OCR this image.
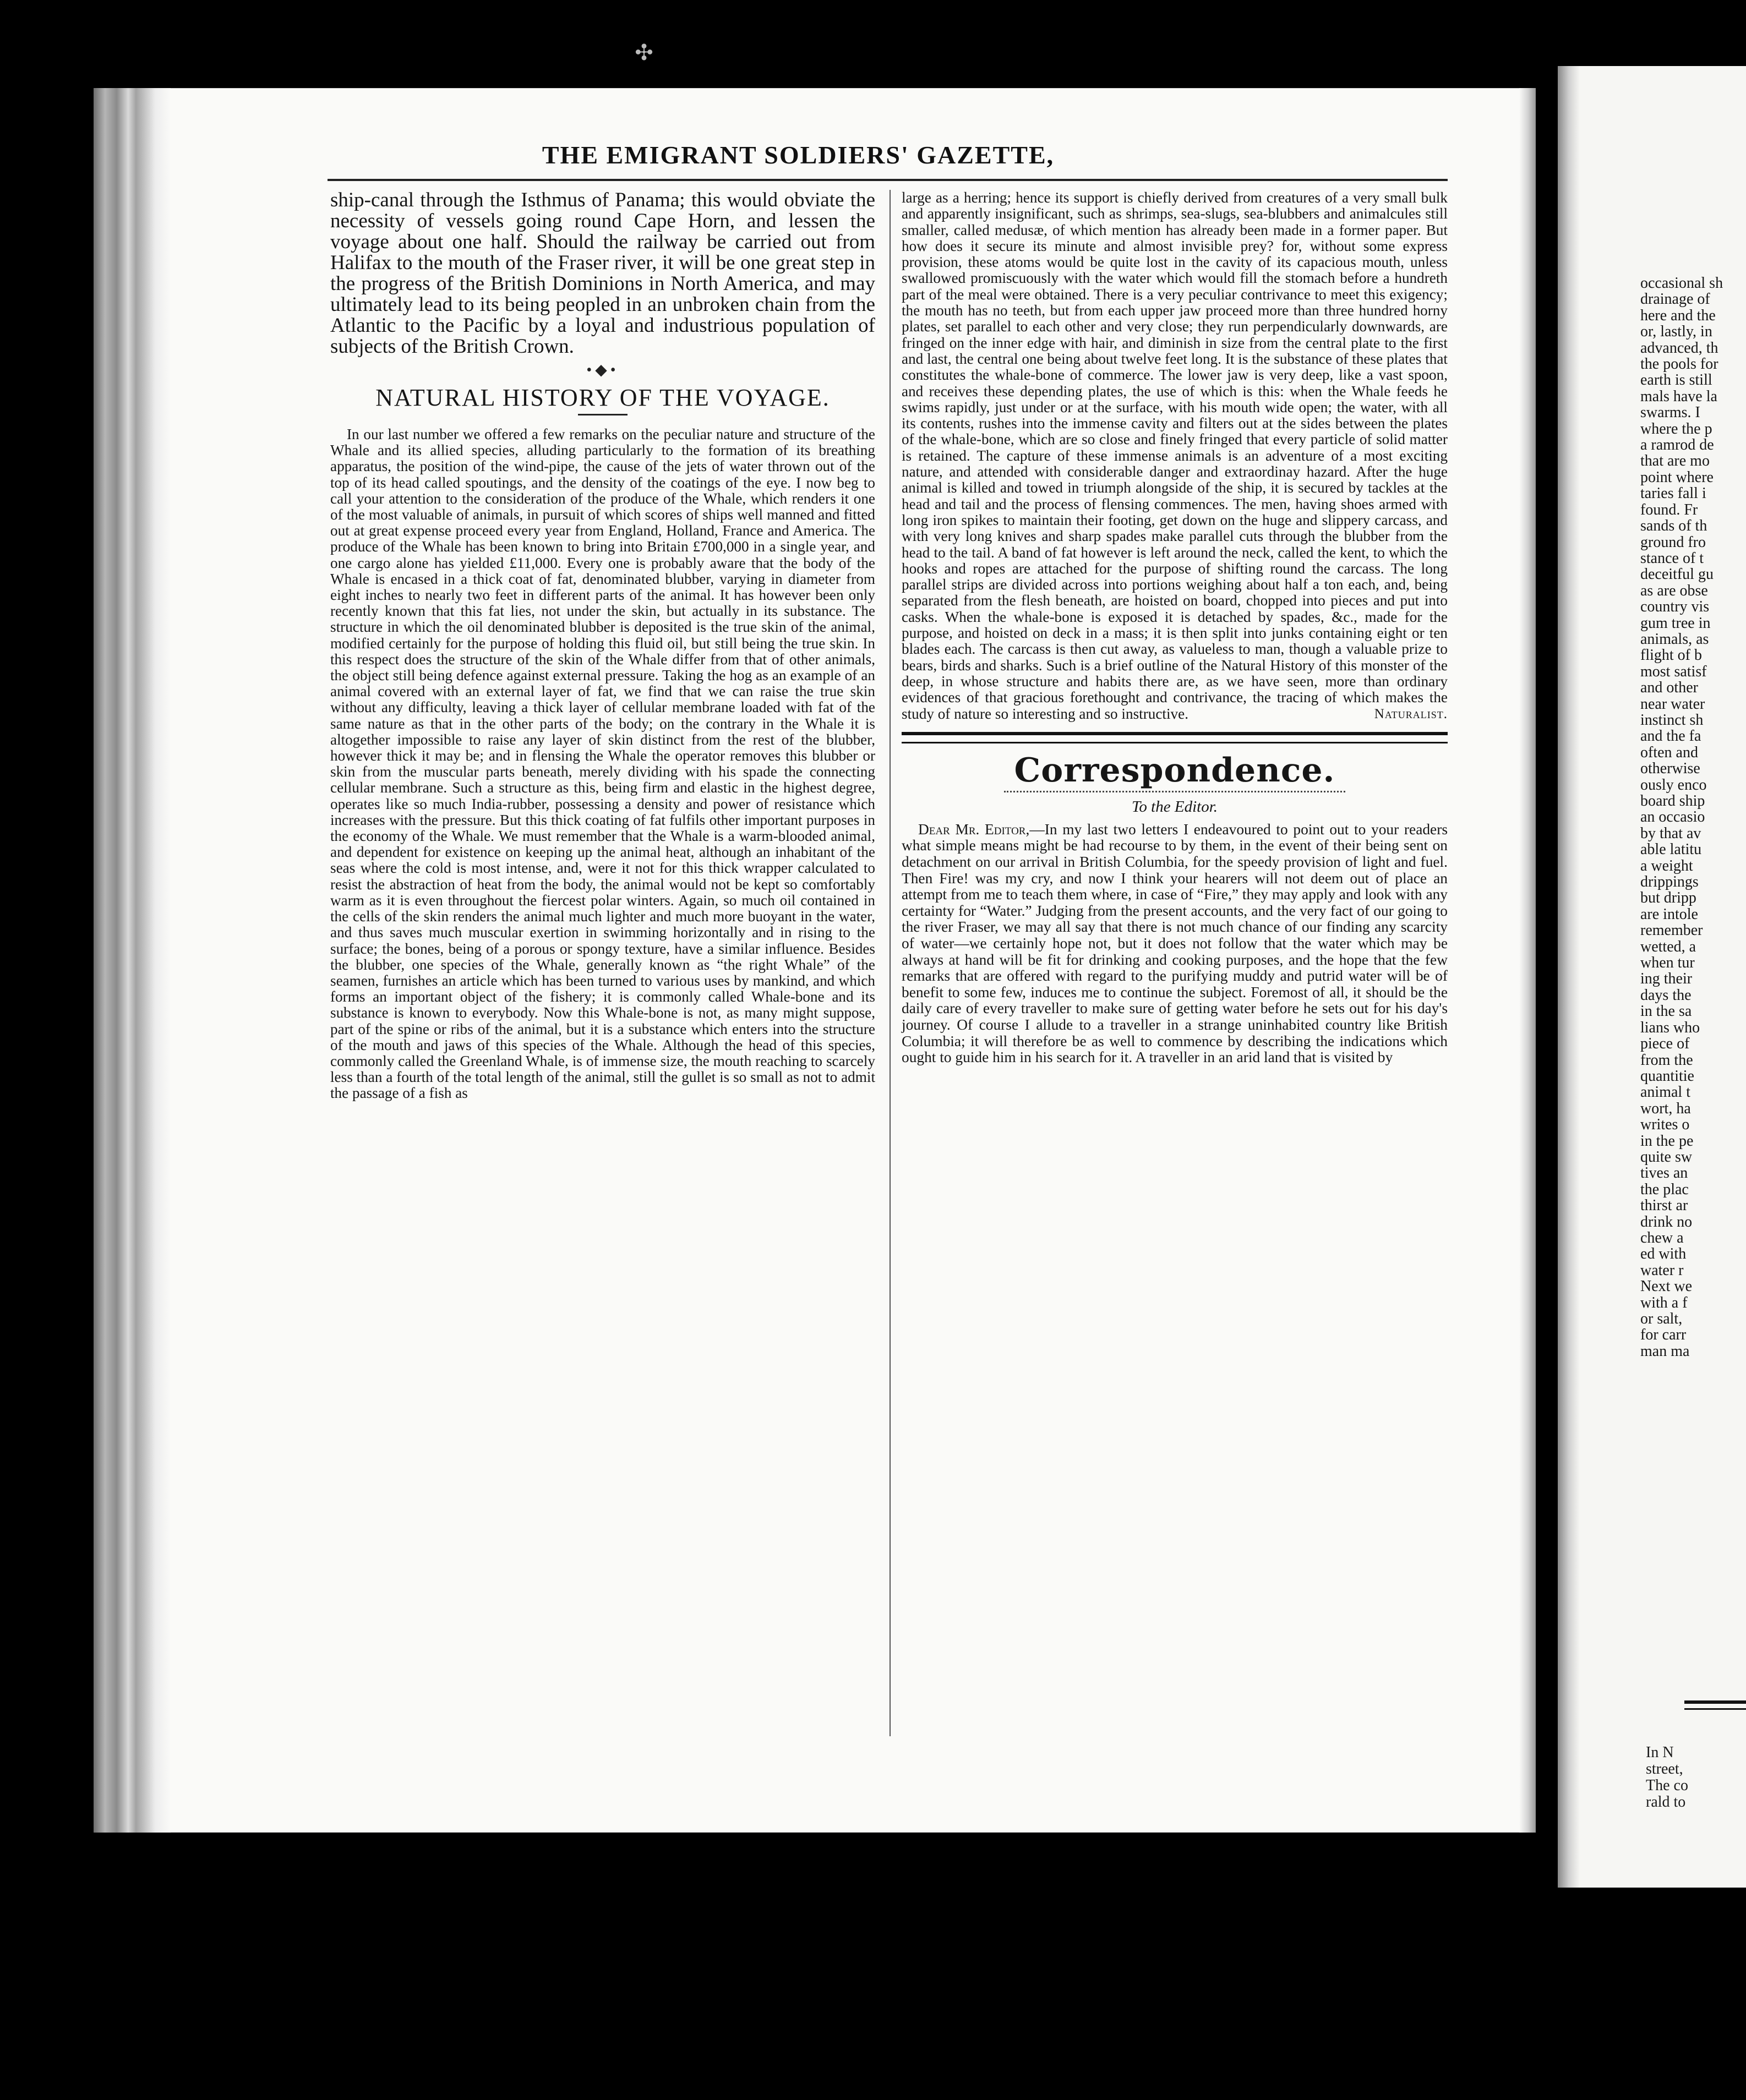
✣
THE EMIGRANT SOLDIERS' GAZETTE,

ship-canal through the Isthmus of Panama; this would obviate the necessity of vessels going round Cape Horn, and lessen the voyage about one half. Should the railway be carried out from Halifax to the mouth of the Fraser river, it will be one great step in the progress of the British Dominions in North America, and may ultimately lead to its being peopled in an unbroken chain from the Atlantic to the Pacific by a loyal and industrious population of subjects of the British Crown.

•◆•
NATURAL HISTORY OF THE VOYAGE.

In our last number we offered a few remarks on the peculiar nature and structure of the Whale and its allied species, alluding particularly to the formation of its breathing apparatus, the position of the wind-pipe, the cause of the jets of water thrown out of the top of its head called spoutings, and the density of the coatings of the eye. I now beg to call your attention to the consideration of the produce of the Whale, which renders it one of the most valuable of animals, in pursuit of which scores of ships well manned and fitted out at great expense proceed every year from England, Holland, France and America. The produce of the Whale has been known to bring into Britain £700,000 in a single year, and one cargo alone has yielded £11,000. Every one is probably aware that the body of the Whale is encased in a thick coat of fat, denominated blubber, varying in diameter from eight inches to nearly two feet in different parts of the animal. It has however been only recently known that this fat lies, not under the skin, but actually in its substance. The structure in which the oil denominated blubber is deposited is the true skin of the animal, modified certainly for the purpose of holding this fluid oil, but still being the true skin. In this respect does the structure of the skin of the Whale differ from that of other animals, the object still being defence against external pressure. Taking the hog as an example of an animal covered with an external layer of fat, we find that we can raise the true skin without any difficulty, leaving a thick layer of cellular membrane loaded with fat of the same nature as that in the other parts of the body; on the contrary in the Whale it is altogether impossible to raise any layer of skin distinct from the rest of the blubber, however thick it may be; and in flensing the Whale the operator removes this blubber or skin from the muscular parts beneath, merely dividing with his spade the connecting cellular membrane. Such a structure as this, being firm and elastic in the highest degree, operates like so much India-rubber, possessing a density and power of resistance which increases with the pressure. But this thick coating of fat fulfils other important purposes in the economy of the Whale. We must remember that the Whale is a warm-blooded animal, and dependent for existence on keeping up the animal heat, although an inhabitant of the seas where the cold is most intense, and, were it not for this thick wrapper calculated to resist the abstraction of heat from the body, the animal would not be kept so comfortably warm as it is even throughout the fiercest polar winters. Again, so much oil contained in the cells of the skin renders the animal much lighter and much more buoyant in the water, and thus saves much muscular exertion in swimming horizontally and in rising to the surface; the bones, being of a porous or spongy texture, have a similar influence. Besides the blubber, one species of the Whale, generally known as “the right Whale” of the seamen, furnishes an article which has been turned to various uses by mankind, and which forms an important object of the fishery; it is commonly called Whale-bone and its substance is known to everybody. Now this Whale-bone is not, as many might suppose, part of the spine or ribs of the animal, but it is a substance which enters into the structure of the mouth and jaws of this species of the Whale. Although the head of this species, commonly called the Greenland Whale, is of immense size, the mouth reaching to scarcely less than a fourth of the total length of the animal, still the gullet is so small as not to admit the passage of a fish as

large as a herring; hence its support is chiefly derived from creatures of a very small bulk and apparently insignificant, such as shrimps, sea-slugs, sea-blubbers and animalcules still smaller, called medusæ, of which mention has already been made in a former paper. But how does it secure its minute and almost invisible prey? for, without some express provision, these atoms would be quite lost in the cavity of its capacious mouth, unless swallowed promiscuously with the water which would fill the stomach before a hundreth part of the meal were obtained. There is a very peculiar contrivance to meet this exigency; the mouth has no teeth, but from each upper jaw proceed more than three hundred horny plates, set parallel to each other and very close; they run perpendicularly downwards, are fringed on the inner edge with hair, and diminish in size from the central plate to the first and last, the central one being about twelve feet long. It is the substance of these plates that constitutes the whale-bone of commerce. The lower jaw is very deep, like a vast spoon, and receives these depending plates, the use of which is this: when the Whale feeds he swims rapidly, just under or at the surface, with his mouth wide open; the water, with all its contents, rushes into the immense cavity and filters out at the sides between the plates of the whale-bone, which are so close and finely fringed that every particle of solid matter is retained. The capture of these immense animals is an adventure of a most exciting nature, and attended with considerable danger and extraordinay hazard. After the huge animal is killed and towed in triumph alongside of the ship, it is secured by tackles at the head and tail and the process of flensing commences. The men, having shoes armed with long iron spikes to maintain their footing, get down on the huge and slippery carcass, and with very long knives and sharp spades make parallel cuts through the blubber from the head to the tail. A band of fat however is left around the neck, called the kent, to which the hooks and ropes are attached for the purpose of shifting round the carcass. The long parallel strips are divided across into portions weighing about half a ton each, and, being separated from the flesh beneath, are hoisted on board, chopped into pieces and put into casks. When the whale-bone is exposed it is detached by spades, &c., made for the purpose, and hoisted on deck in a mass; it is then split into junks containing eight or ten blades each. The carcass is then cut away, as valueless to man, though a valuable prize to bears, birds and sharks. Such is a brief outline of the Natural History of this monster of the deep, in whose structure and habits there are, as we have seen, more than ordinary evidences of that gracious forethought and contrivance, the tracing of which makes the study of nature so interesting and so instructive.	Naturalist.
Correspondence.
To the Editor.

Dear Mr. Editor,—In my last two letters I endeavoured to point out to your readers what simple means might be had recourse to by them, in the event of their being sent on detachment on our arrival in British Columbia, for the speedy provision of light and fuel. Then Fire! was my cry, and now I think your hearers will not deem out of place an attempt from me to teach them where, in case of “Fire,” they may apply and look with any certainty for “Water.” Judging from the present accounts, and the very fact of our going to the river Fraser, we may all say that there is not much chance of our finding any scarcity of water—we certainly hope not, but it does not follow that the water which may be always at hand will be fit for drinking and cooking purposes, and the hope that the few remarks that are offered with regard to the purifying muddy and putrid water will be of benefit to some few, induces me to continue the subject. Foremost of all, it should be the daily care of every traveller to make sure of getting water before he sets out for his day's journey. Of course I allude to a traveller in a strange uninhabited country like British Columbia; it will therefore be as well to commence by describing the indications which ought to guide him in his search for it. A traveller in an arid land that is visited by

occasional sh
drainage of
here and the
or, lastly, in
advanced, th
the pools for
earth is still
mals have la
swarms. I
where the p
a ramrod de
that are mo
point where
taries fall i
found. Fr
sands of th
ground fro
stance of t
deceitful gu
as are obse
country vis
gum tree in
animals, as
flight of b
most satisf
and other
near water
instinct sh
and the fa
often and
otherwise
ously enco
board ship
an occasio
by that av
able latitu
a weight
drippings
but dripp
are intole
remember
wetted, a
when tur
ing their
days the
in the sa
lians who
piece of
from the
quantitie
animal t
wort, ha
writes o
in the pe
quite sw
tives an
the plac
thirst ar
drink no
chew a
ed with
water r
Next we
with a f
or salt,
for carr
man ma
In N
street,
The co
rald to
